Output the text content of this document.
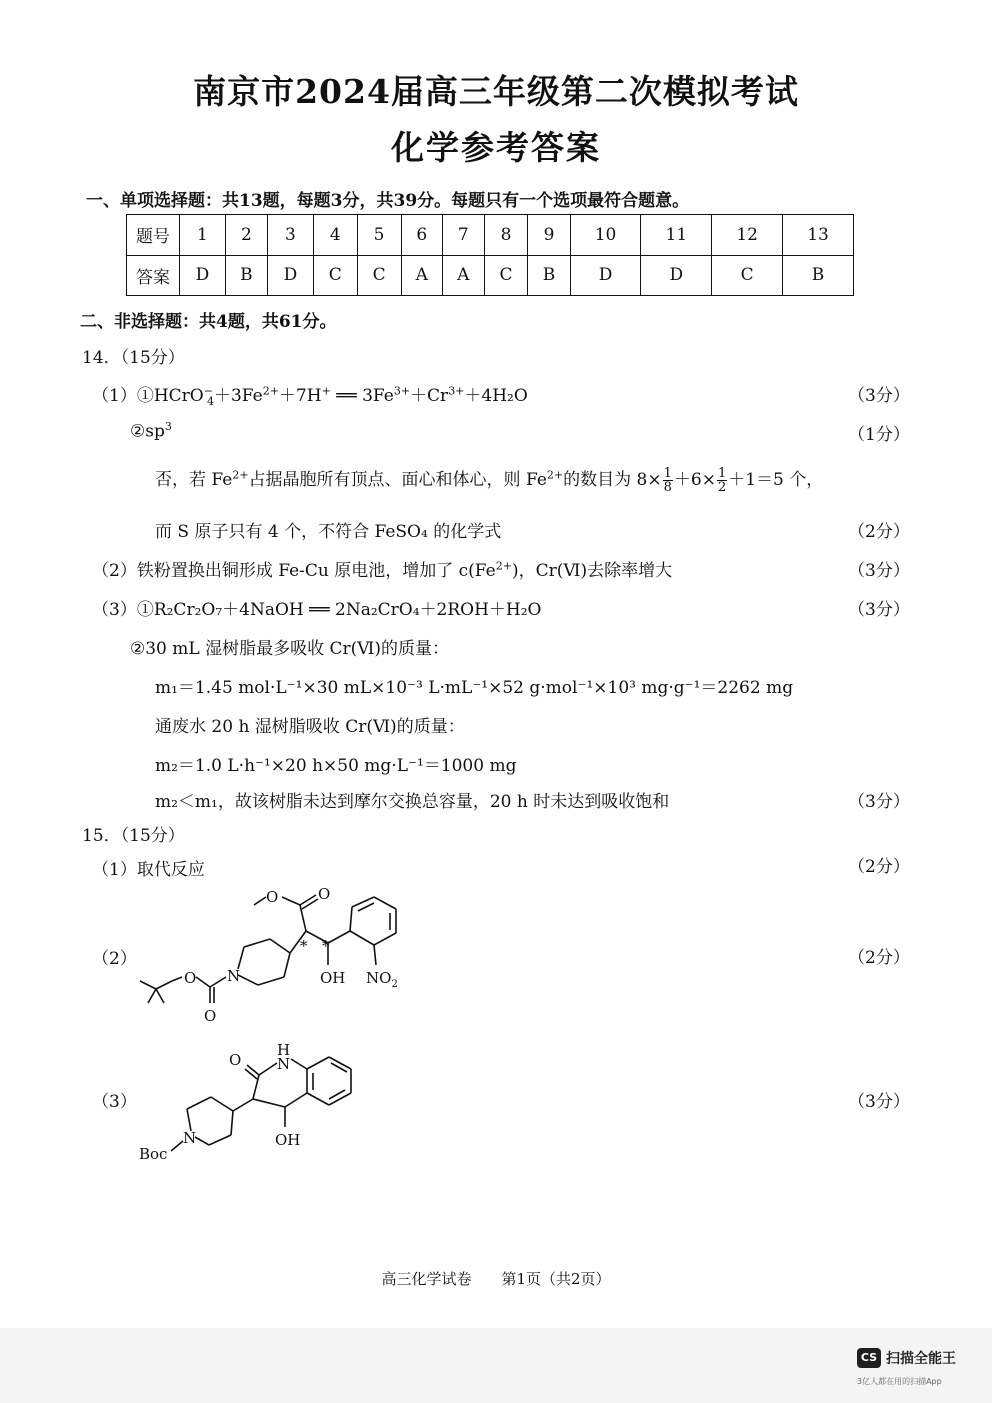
南京市2024届高三年级第二次模拟考试
化学参考答案
一、单项选择题：共13题，每题3分，共39分。每题只有一个选项最符合题意。
题号	1	2	3	4	5	6	7	8	9	10	11	12	13
答案	D	B	D	C	C	A	A	C	B	D	D	C	B
二、非选择题：共4题，共61分。
14．（15分）
$(1)①HCrO^-_4+3Fe^{2+}+7H^+$ ══ $3Fe^{3+}+Cr^{3+}+4H_2O$	（3分）
$②sp^3$	（1分）
否，若 $Fe^{2+}$占据晶胞所有顶点、面心和体心，则 $Fe^{2+}$的数目为 $8\times \frac{1}{8} +6\times \frac{1}{2} +1=5$ 个，
而 S 原子只有 4 个，不符合 FeSO₄ 的化学式	（2分）
（2）铁粉置换出铜形成 Fe-Cu 原电池，增加了 $c(Fe^{2+})$，Cr(Ⅵ)去除率增大	（3分）
（3）①R₂Cr₂O₇＋4NaOH ══ 2Na₂CrO₄＋2ROH＋H₂O	（3分）
②30 mL 湿树脂最多吸收 Cr(Ⅵ)的质量：
m₁＝1.45 mol·L⁻¹×30 mL×10⁻³ L·mL⁻¹×52 g·mol⁻¹×10³ mg·g⁻¹＝2262 mg
通废水 20 h 湿树脂吸收 Cr(Ⅵ)的质量：
m₂＝1.0 L·h⁻¹×20 h×50 mg·L⁻¹＝1000 mg
m₂＜m₁，故该树脂未达到摩尔交换总容量，20 h 时未达到吸收饱和	（3分）
15．（15分）
（1）取代反应	（2分）
（2）	（2分）
O
O
N
O	O
* *
OH $NO_2$
（3）	（3分）
O
H
N
N
Boc
OH
高三化学试卷　　第1页（共2页）
CS 扫描全能王
3亿人都在用的扫描App
